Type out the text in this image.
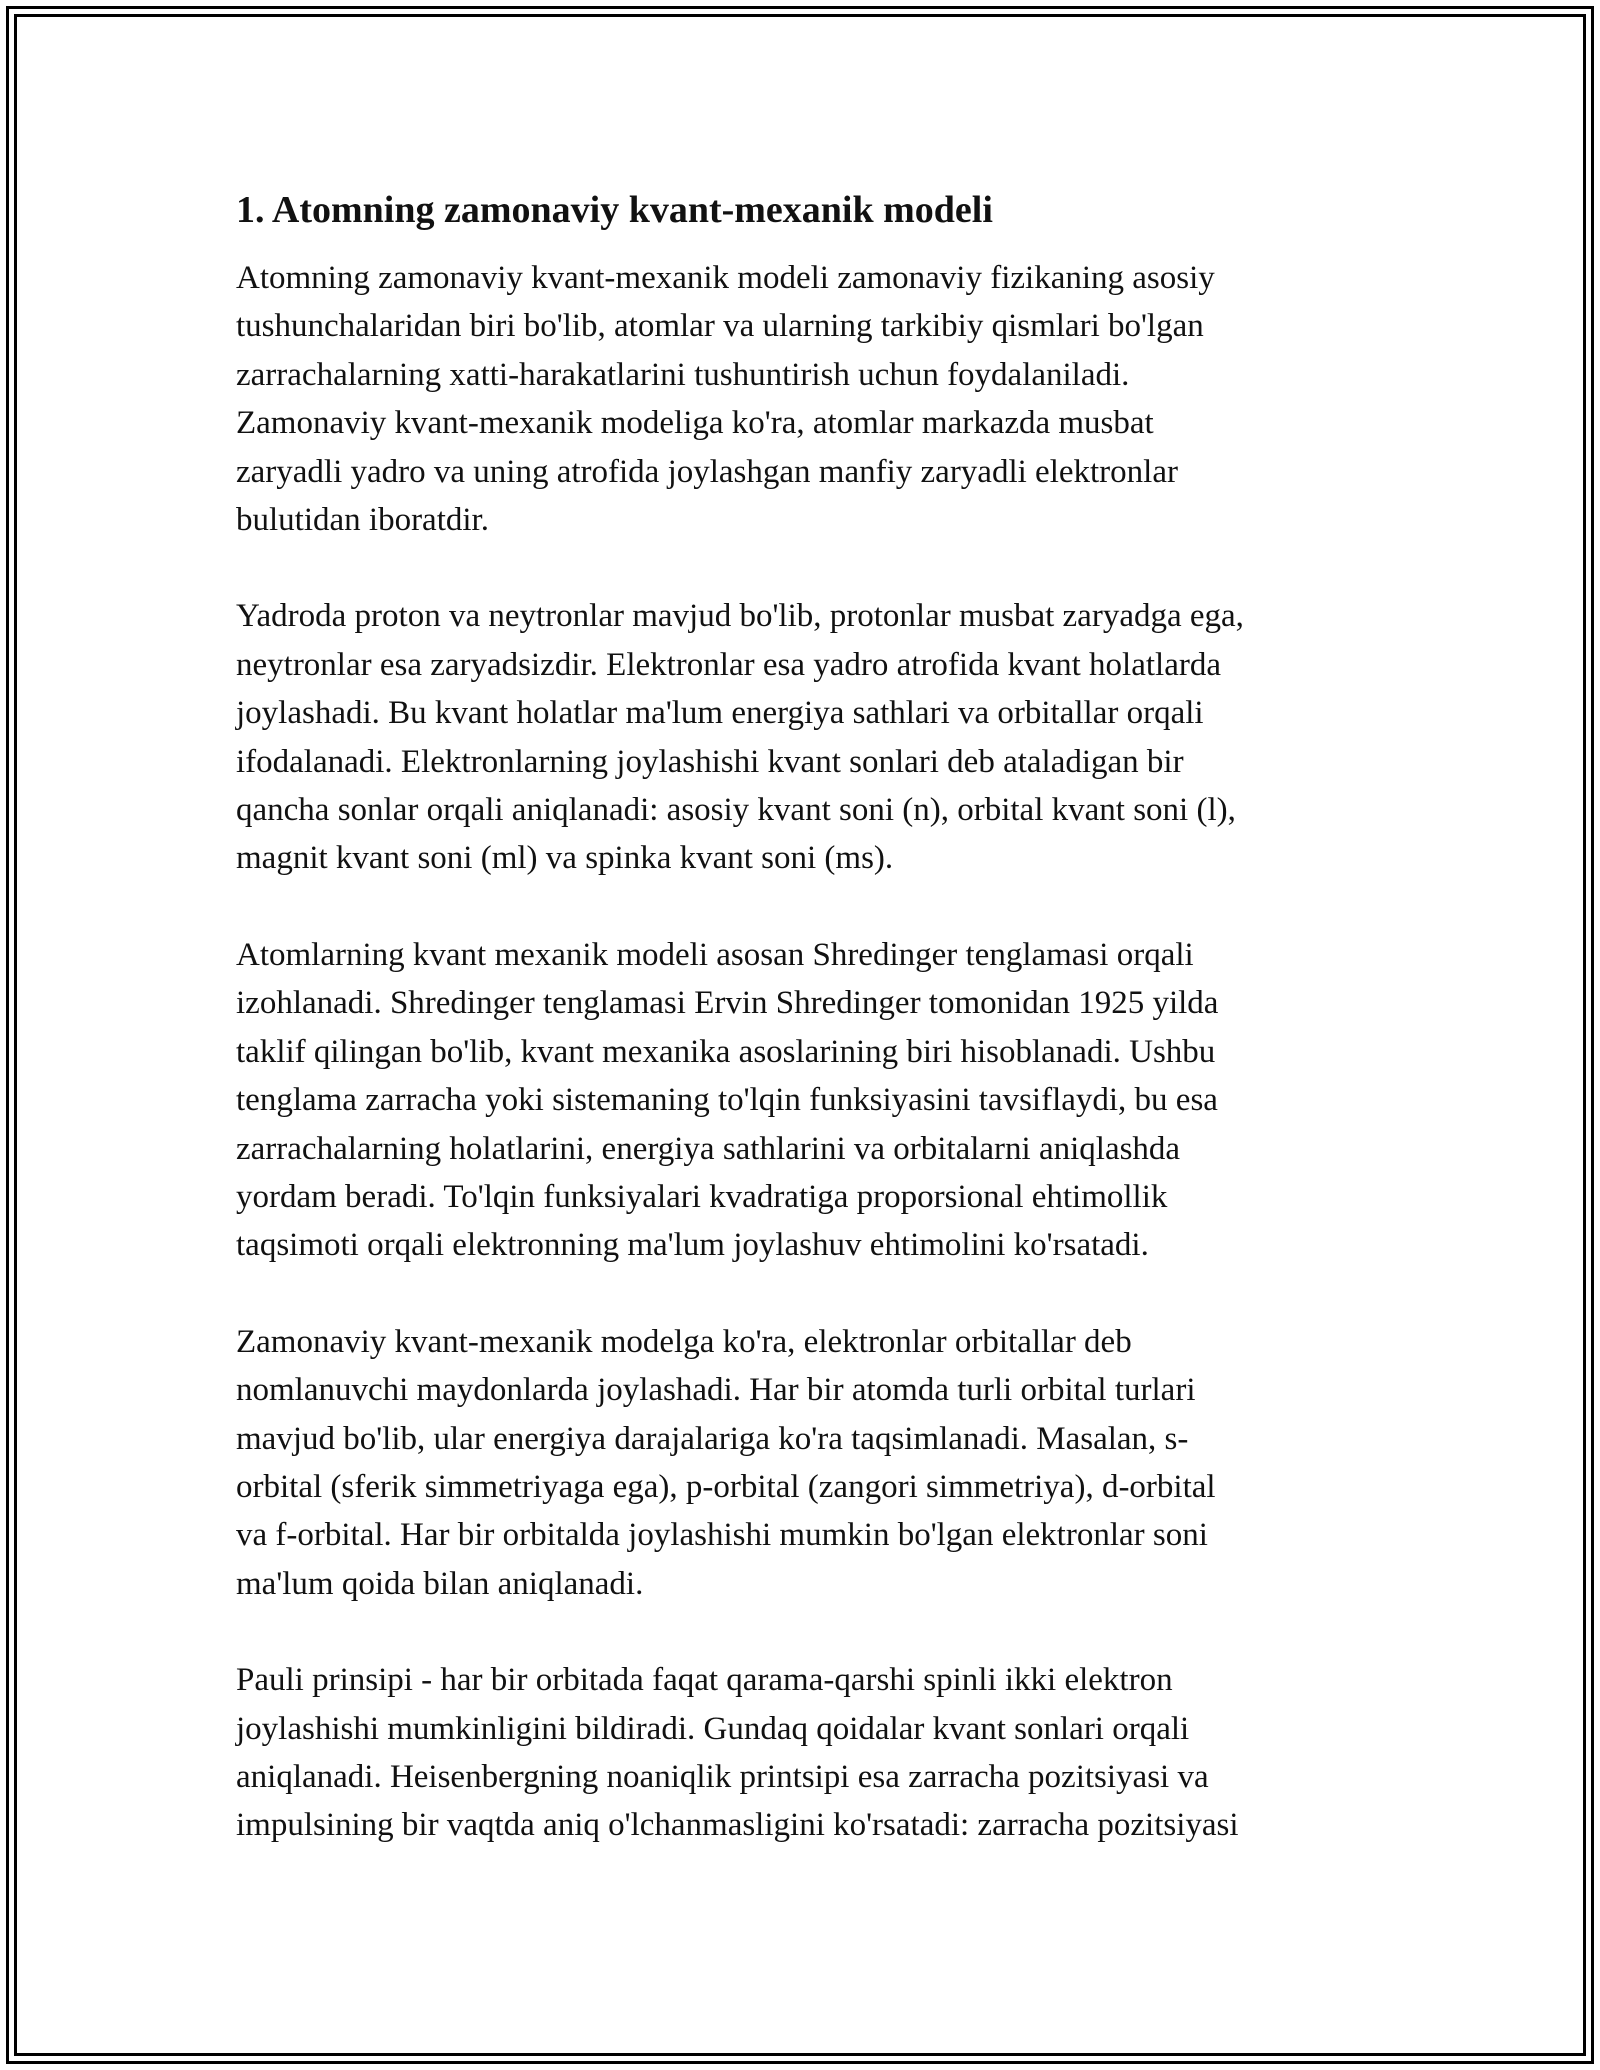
1. Atomning zamonaviy kvant-mexanik modeli

Atomning zamonaviy kvant-mexanik modeli zamonaviy fizikaning asosiy
tushunchalaridan biri bo'lib, atomlar va ularning tarkibiy qismlari bo'lgan
zarrachalarning xatti-harakatlarini tushuntirish uchun foydalaniladi.
Zamonaviy kvant-mexanik modeliga ko'ra, atomlar markazda musbat
zaryadli yadro va uning atrofida joylashgan manfiy zaryadli elektronlar
bulutidan iboratdir.

Yadroda proton va neytronlar mavjud bo'lib, protonlar musbat zaryadga ega,
neytronlar esa zaryadsizdir. Elektronlar esa yadro atrofida kvant holatlarda
joylashadi. Bu kvant holatlar ma'lum energiya sathlari va orbitallar orqali
ifodalanadi. Elektronlarning joylashishi kvant sonlari deb ataladigan bir
qancha sonlar orqali aniqlanadi: asosiy kvant soni (n), orbital kvant soni (l),
magnit kvant soni (ml) va spinka kvant soni (ms).

Atomlarning kvant mexanik modeli asosan Shredinger tenglamasi orqali
izohlanadi. Shredinger tenglamasi Ervin Shredinger tomonidan 1925 yilda
taklif qilingan bo'lib, kvant mexanika asoslarining biri hisoblanadi. Ushbu
tenglama zarracha yoki sistemaning to'lqin funksiyasini tavsiflaydi, bu esa
zarrachalarning holatlarini, energiya sathlarini va orbitalarni aniqlashda
yordam beradi. To'lqin funksiyalari kvadratiga proporsional ehtimollik
taqsimoti orqali elektronning ma'lum joylashuv ehtimolini ko'rsatadi.

Zamonaviy kvant-mexanik modelga ko'ra, elektronlar orbitallar deb
nomlanuvchi maydonlarda joylashadi. Har bir atomda turli orbital turlari
mavjud bo'lib, ular energiya darajalariga ko'ra taqsimlanadi. Masalan, s-
orbital (sferik simmetriyaga ega), p-orbital (zangori simmetriya), d-orbital
va f-orbital. Har bir orbitalda joylashishi mumkin bo'lgan elektronlar soni
ma'lum qoida bilan aniqlanadi.

Pauli prinsipi - har bir orbitada faqat qarama-qarshi spinli ikki elektron
joylashishi mumkinligini bildiradi. Gundaq qoidalar kvant sonlari orqali
aniqlanadi. Heisenbergning noaniqlik printsipi esa zarracha pozitsiyasi va
impulsining bir vaqtda aniq o'lchanmasligini ko'rsatadi: zarracha pozitsiyasi
